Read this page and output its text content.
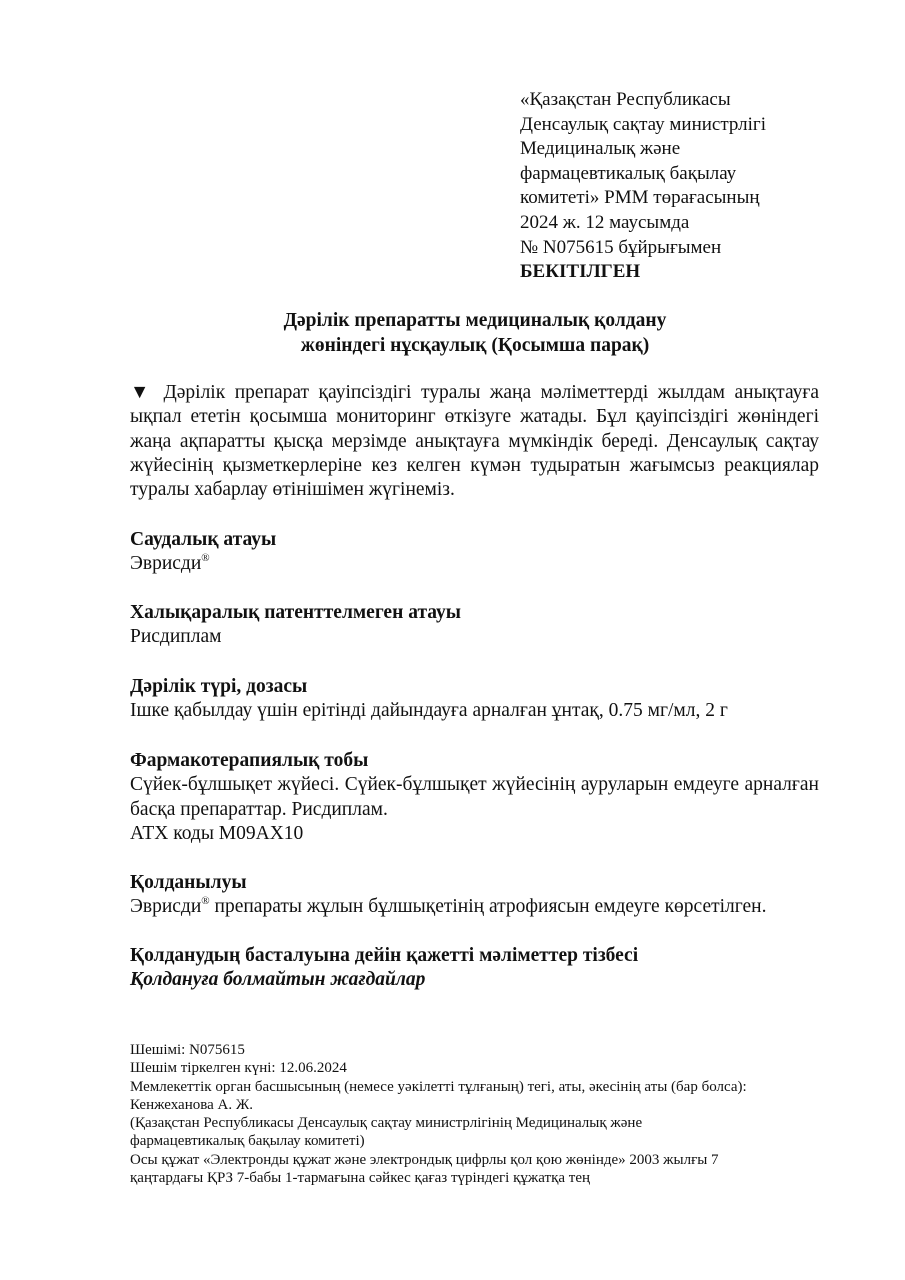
«Қазақстан Республикасы
Денсаулық сақтау министрлігі
Медициналық және
фармацевтикалық бақылау
комитеті» РММ төрағасының
2024 ж. 12 маусымда
№ N075615 бұйрығымен
БЕКІТІЛГЕН
Дәрілік препаратты медициналық қолдану
жөніндегі нұсқаулық (Қосымша парақ)
▼ Дәрілік препарат қауіпсіздігі туралы жаңа мәліметтерді жылдам анықтауға ықпал ететін қосымша мониторинг өткізуге жатады. Бұл қауіпсіздігі жөніндегі жаңа ақпаратты қысқа мерзімде анықтауға мүмкіндік береді. Денсаулық сақтау жүйесінің қызметкерлеріне кез келген күмән тудыратын жағымсыз реакциялар туралы хабарлау өтінішімен жүгінеміз.
Саудалық атауы
Эврисди®
Халықаралық патенттелмеген атауы
Рисдиплам
Дәрілік түрі, дозасы
Ішке қабылдау үшін ерітінді дайындауға арналған ұнтақ, 0.75 мг/мл, 2 г
Фармакотерапиялық тобы
Сүйек-бұлшықет жүйесі. Сүйек-бұлшықет жүйесінің ауруларын емдеуге арналған басқа препараттар. Рисдиплам.
АТХ коды M09AX10
Қолданылуы
Эврисди® препараты жұлын бұлшықетінің атрофиясын емдеуге көрсетілген.
Қолданудың басталуына дейін қажетті мәліметтер тізбесі
Қолдануға болмайтын жағдайлар
Шешімі: N075615
Шешім тіркелген күні: 12.06.2024
Мемлекеттік орган басшысының (немесе уәкілетті тұлғаның) тегі, аты, әкесінің аты (бар болса):
Кенжеханова А. Ж.
(Қазақстан Республикасы Денсаулық сақтау министрлігінің Медициналық және
фармацевтикалық бақылау комитеті)
Осы құжат «Электронды құжат және электрондық цифрлы қол қою жөнінде» 2003 жылғы 7
қаңтардағы ҚРЗ 7-бабы 1-тармағына сәйкес қағаз түріндегі құжатқа тең
